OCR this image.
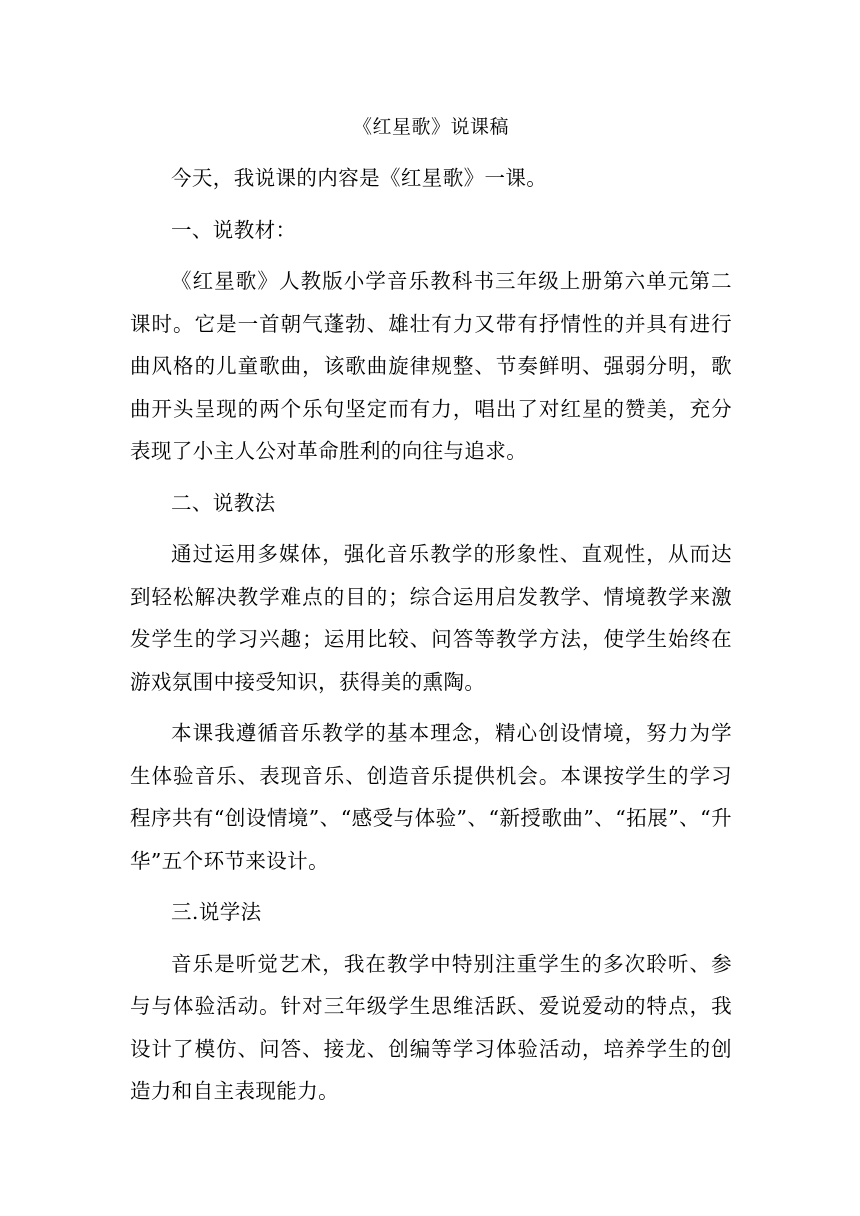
《红星歌》说课稿

今天，我说课的内容是《红星歌》一课。

一、说教材：

《红星歌》人教版小学音乐教科书三年级上册第六单元第二课时。它是一首朝气蓬勃、雄壮有力又带有抒情性的并具有进行曲风格的儿童歌曲，该歌曲旋律规整、节奏鲜明、强弱分明，歌曲开头呈现的两个乐句坚定而有力，唱出了对红星的赞美，充分表现了小主人公对革命胜利的向往与追求。

二、说教法

通过运用多媒体，强化音乐教学的形象性、直观性，从而达到轻松解决教学难点的目的；综合运用启发教学、情境教学来激发学生的学习兴趣；运用比较、问答等教学方法，使学生始终在游戏氛围中接受知识，获得美的熏陶。

本课我遵循音乐教学的基本理念，精心创设情境，努力为学生体验音乐、表现音乐、创造音乐提供机会。本课按学生的学习程序共有“创设情境”、“感受与体验”、“新授歌曲”、“拓展”、“升华”五个环节来设计。

三.说学法

音乐是听觉艺术，我在教学中特别注重学生的多次聆听、参与与体验活动。针对三年级学生思维活跃、爱说爱动的特点，我设计了模仿、问答、接龙、创编等学习体验活动，培养学生的创造力和自主表现能力。
